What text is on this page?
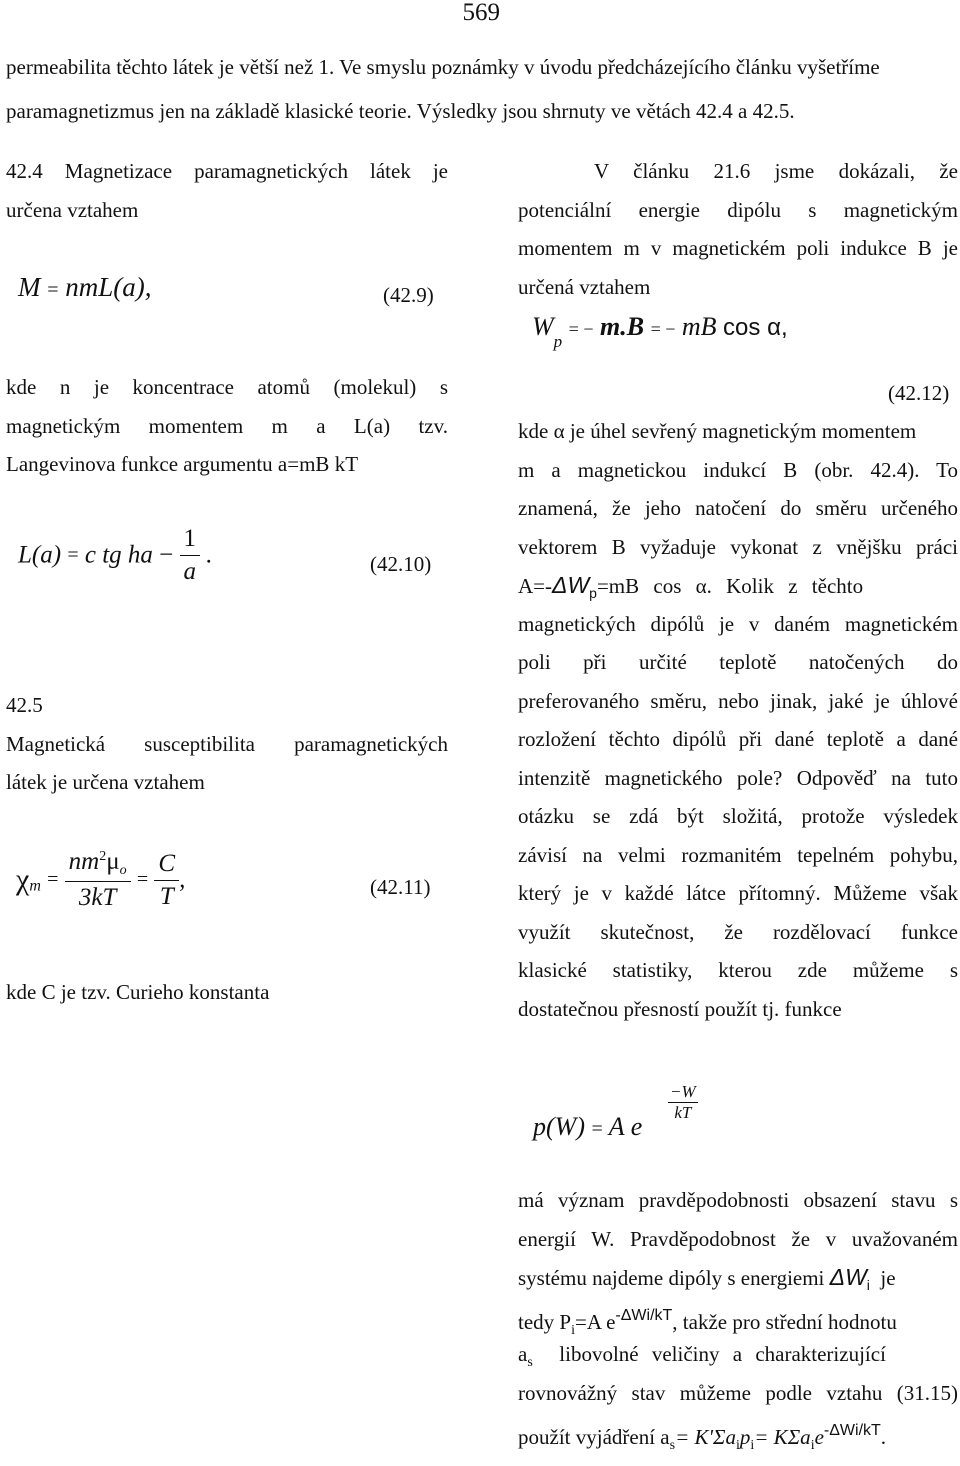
569
permeabilita těchto látek je větší než 1. Ve smyslu poznámky v úvodu předcházejícího článku vyšetříme paramagnetizmus jen na základě klasické teorie. Výsledky jsou shrnuty ve větách 42.4 a 42.5.
42.4 Magnetizace paramagnetických látek je
určena vztahem
M = nmL(a),	(42.9)
kde n je koncentrace atomů (molekul) s
magnetickým momentem m a L(a) tzv.
Langevinova funkce argumentu a=mB kT
L(a) = c tg ha − $\frac{1}{a}$ .	(42.10)
42.5
Magnetická susceptibilita paramagnetických
látek je určena vztahem
$\chi_m = \frac{nm^2\mu_o}{3kT} = \frac{C}{T}$ ,	(42.11)
kde C je tzv. Curieho konstanta
V článku 21.6 jsme dokázali, že
potenciální energie dipólu s magnetickým
momentem m v magnetickém poli indukce B je
určená vztahem
$W_p$ = − m.B = − mB cos α,
(42.12)
kde α je úhel sevřený magnetickým momentem
m a magnetickou indukcí B (obr. 42.4). To
znamená, že jeho natočení do směru určeného
vektorem B vyžaduje vykonat z vnějšku práci
$A=-\Delta W_p=mB$ cos α. Kolik z těchto
magnetických dipólů je v daném magnetickém
poli při určité teplotě natočených do
preferovaného směru, nebo jinak, jaké je úhlové
rozložení těchto dipólů při dané teplotě a dané
intenzitě magnetického pole? Odpověď na tuto
otázku se zdá být složitá, protože výsledek
závisí na velmi rozmanitém tepelném pohybu,
který je v každé látce přítomný. Můžeme však
využít skutečnost, že rozdělovací funkce
klasické statistiky, kterou zde můžeme s
dostatečnou přesností použít tj. funkce
p(W) = A e
$\frac{-W}{kT}$
má význam pravděpodobnosti obsazení stavu s
energií W. Pravděpodobnost že v uvažovaném
systému najdeme dipóly s energiemi $\Delta W_i$ je
tedy $P_i=A$ $e^{-\Delta Wi/kT}$, takže pro střední hodnotu
$a_s$ libovolné veličiny a charakterizující
rovnovážný stav můžeme podle vztahu (31.15)
použít vyjádření $a_s= K'\Sigma a_ip_i= K\Sigma a_ie^{-\Delta Wi/kT}$.
